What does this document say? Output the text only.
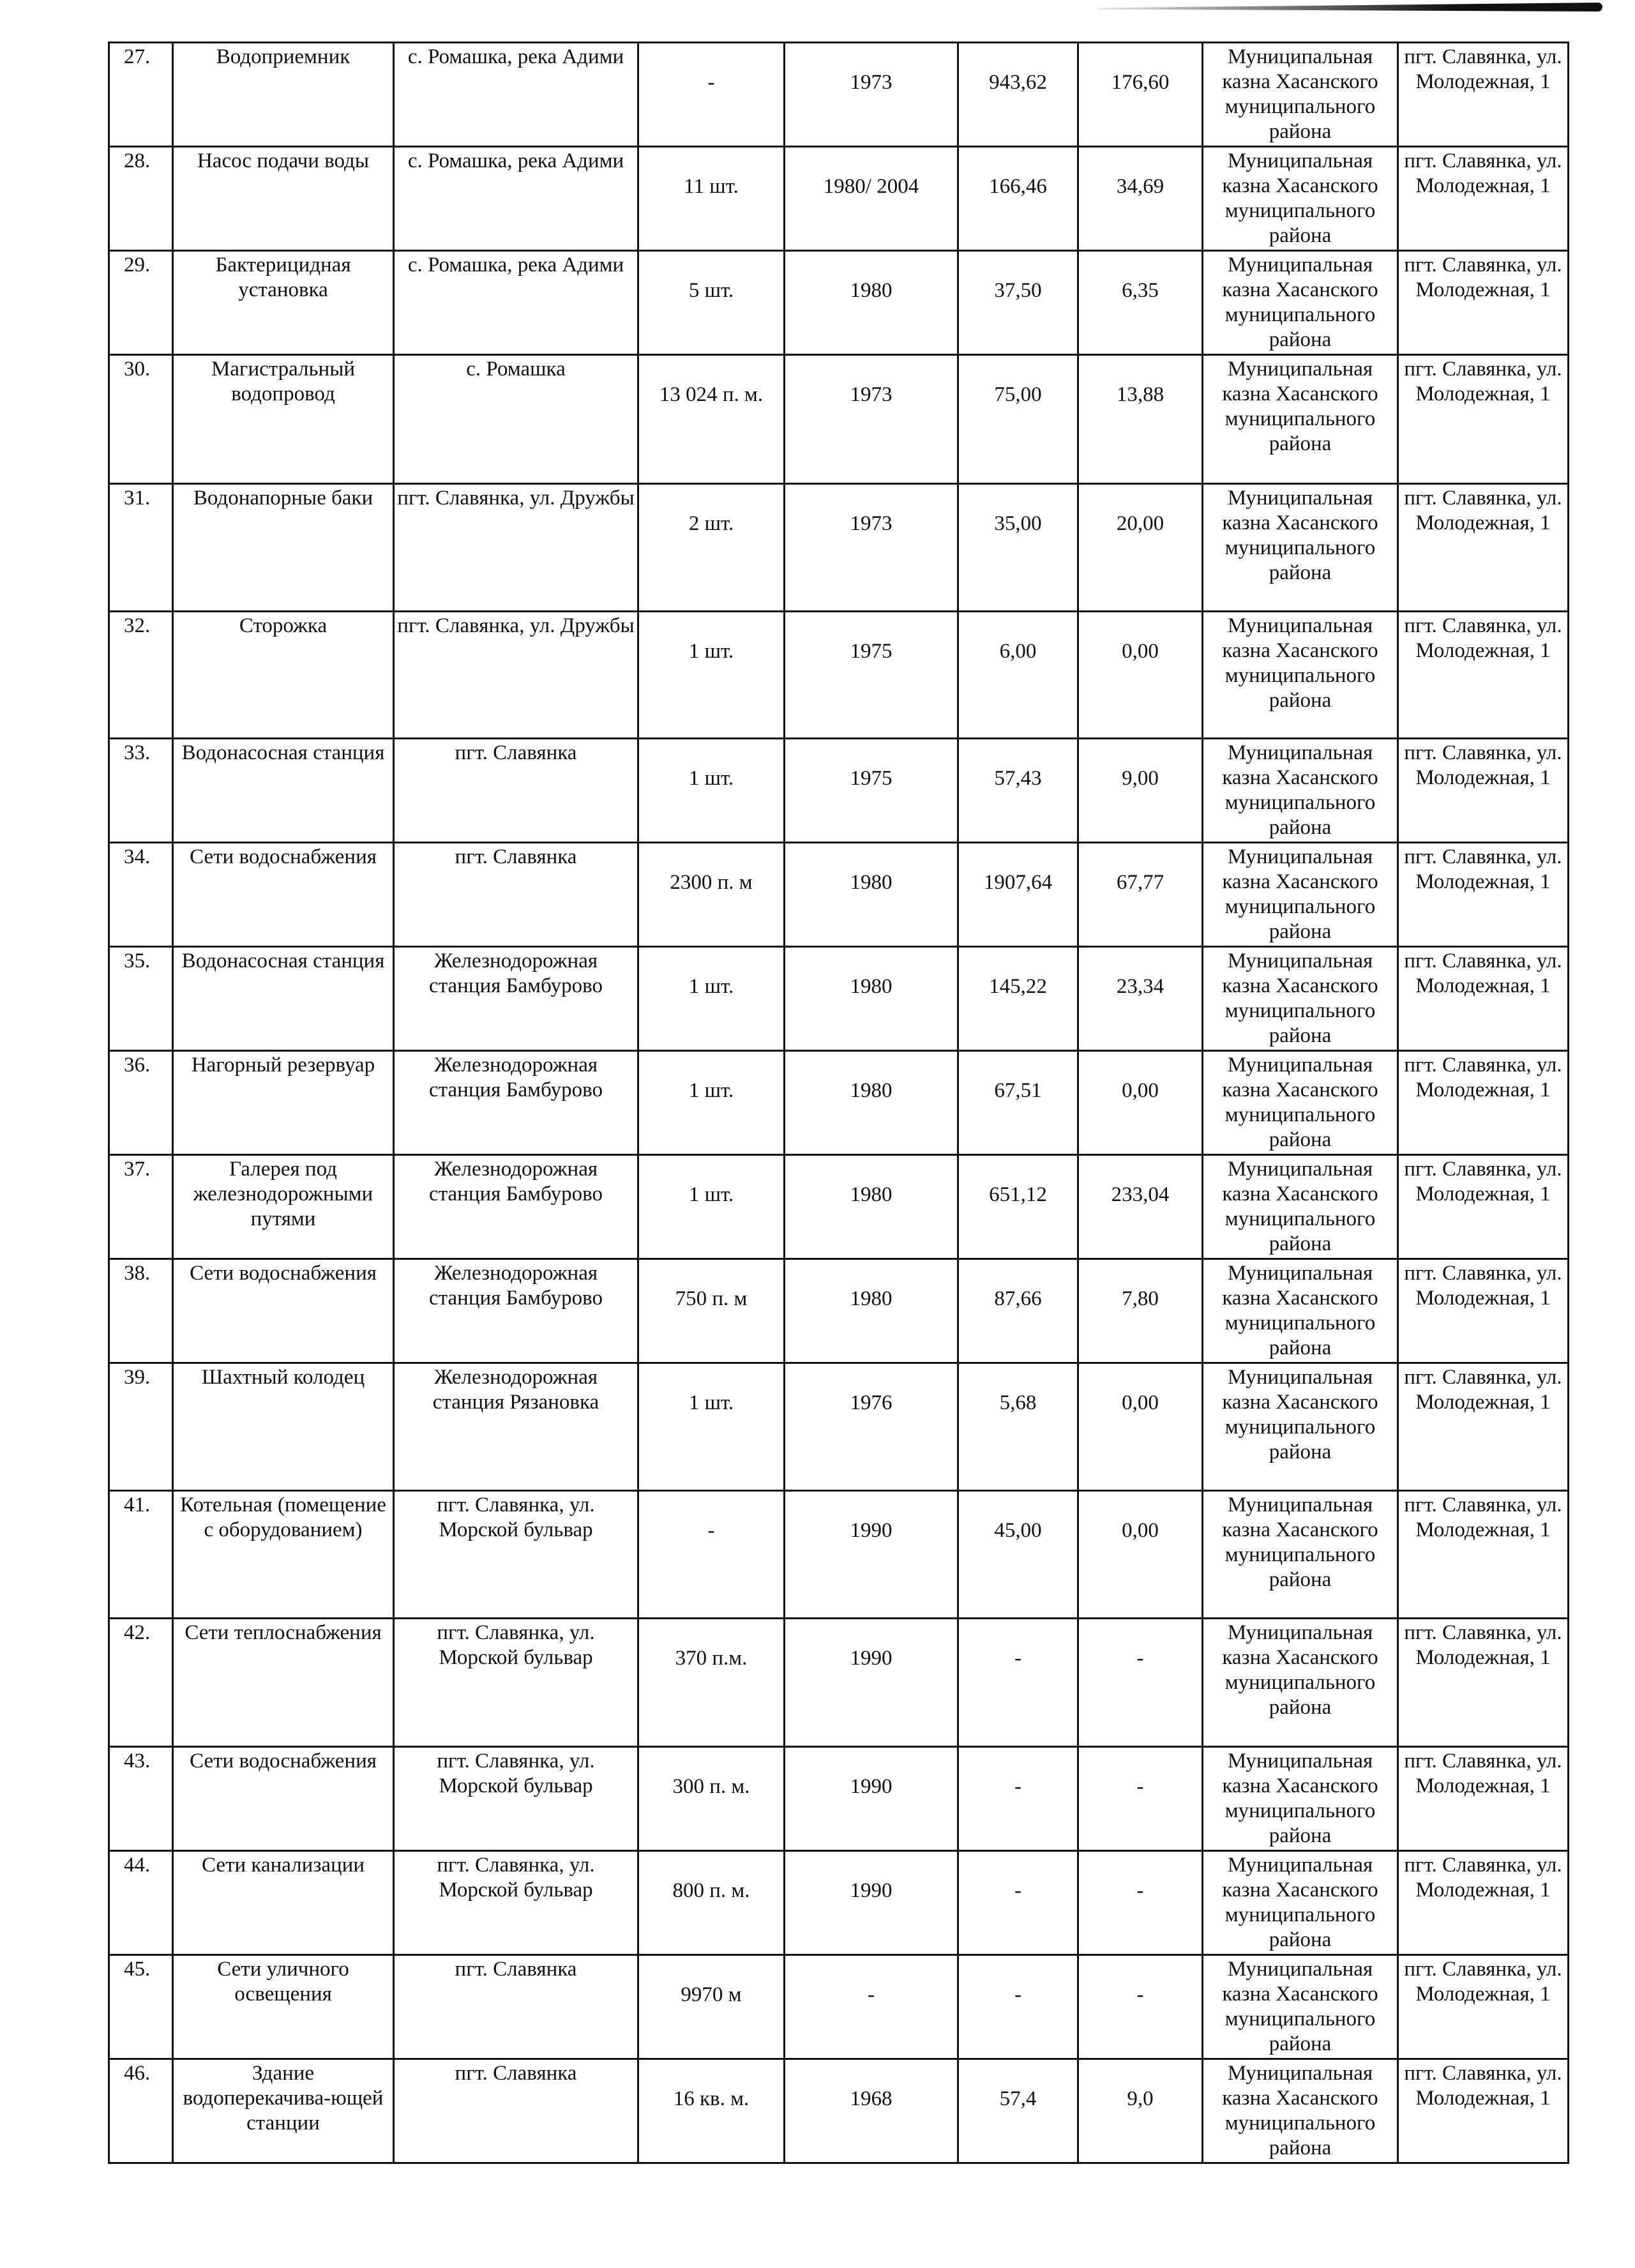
27.	Водоприемник	с. Ромашка, река Адими	-	1973	943,62	176,60	Муниципальная казна Хасанского муниципального района	пгт. Славянка, ул. Молодежная, 1
28.	Насос подачи воды	с. Ромашка, река Адими	11 шт.	1980/ 2004	166,46	34,69	Муниципальная казна Хасанского муниципального района	пгт. Славянка, ул. Молодежная, 1
29.	Бактерицидная установка	с. Ромашка, река Адими	5 шт.	1980	37,50	6,35	Муниципальная казна Хасанского муниципального района	пгт. Славянка, ул. Молодежная, 1
30.	Магистральный водопровод	с. Ромашка	13 024 п. м.	1973	75,00	13,88	Муниципальная казна Хасанского муниципального района	пгт. Славянка, ул. Молодежная, 1
31.	Водонапорные баки	пгт. Славянка, ул. Дружбы	2 шт.	1973	35,00	20,00	Муниципальная казна Хасанского муниципального района	пгт. Славянка, ул. Молодежная, 1
32.	Сторожка	пгт. Славянка, ул. Дружбы	1 шт.	1975	6,00	0,00	Муниципальная казна Хасанского муниципального района	пгт. Славянка, ул. Молодежная, 1
33.	Водонасосная станция	пгт. Славянка	1 шт.	1975	57,43	9,00	Муниципальная казна Хасанского муниципального района	пгт. Славянка, ул. Молодежная, 1
34.	Сети водоснабжения	пгт. Славянка	2300 п. м	1980	1907,64	67,77	Муниципальная казна Хасанского муниципального района	пгт. Славянка, ул. Молодежная, 1
35.	Водонасосная станция	Железнодорожная станция Бамбурово	1 шт.	1980	145,22	23,34	Муниципальная казна Хасанского муниципального района	пгт. Славянка, ул. Молодежная, 1
36.	Нагорный резервуар	Железнодорожная станция Бамбурово	1 шт.	1980	67,51	0,00	Муниципальная казна Хасанского муниципального района	пгт. Славянка, ул. Молодежная, 1
37.	Галерея под железнодорожными путями	Железнодорожная станция Бамбурово	1 шт.	1980	651,12	233,04	Муниципальная казна Хасанского муниципального района	пгт. Славянка, ул. Молодежная, 1
38.	Сети водоснабжения	Железнодорожная станция Бамбурово	750 п. м	1980	87,66	7,80	Муниципальная казна Хасанского муниципального района	пгт. Славянка, ул. Молодежная, 1
39.	Шахтный колодец	Железнодорожная станция Рязановка	1 шт.	1976	5,68	0,00	Муниципальная казна Хасанского муниципального района	пгт. Славянка, ул. Молодежная, 1
41.	Котельная (помещение с оборудованием)	пгт. Славянка, ул. Морской бульвар	-	1990	45,00	0,00	Муниципальная казна Хасанского муниципального района	пгт. Славянка, ул. Молодежная, 1
42.	Сети теплоснабжения	пгт. Славянка, ул. Морской бульвар	370 п.м.	1990	-	-	Муниципальная казна Хасанского муниципального района	пгт. Славянка, ул. Молодежная, 1
43.	Сети водоснабжения	пгт. Славянка, ул. Морской бульвар	300 п. м.	1990	-	-	Муниципальная казна Хасанского муниципального района	пгт. Славянка, ул. Молодежная, 1
44.	Сети канализации	пгт. Славянка, ул. Морской бульвар	800 п. м.	1990	-	-	Муниципальная казна Хасанского муниципального района	пгт. Славянка, ул. Молодежная, 1
45.	Сети уличного освещения	пгт. Славянка	9970 м	-	-	-	Муниципальная казна Хасанского муниципального района	пгт. Славянка, ул. Молодежная, 1
46.	Здание водоперекачива-ющей станции	пгт. Славянка	16 кв. м.	1968	57,4	9,0	Муниципальная казна Хасанского муниципального района	пгт. Славянка, ул. Молодежная, 1
